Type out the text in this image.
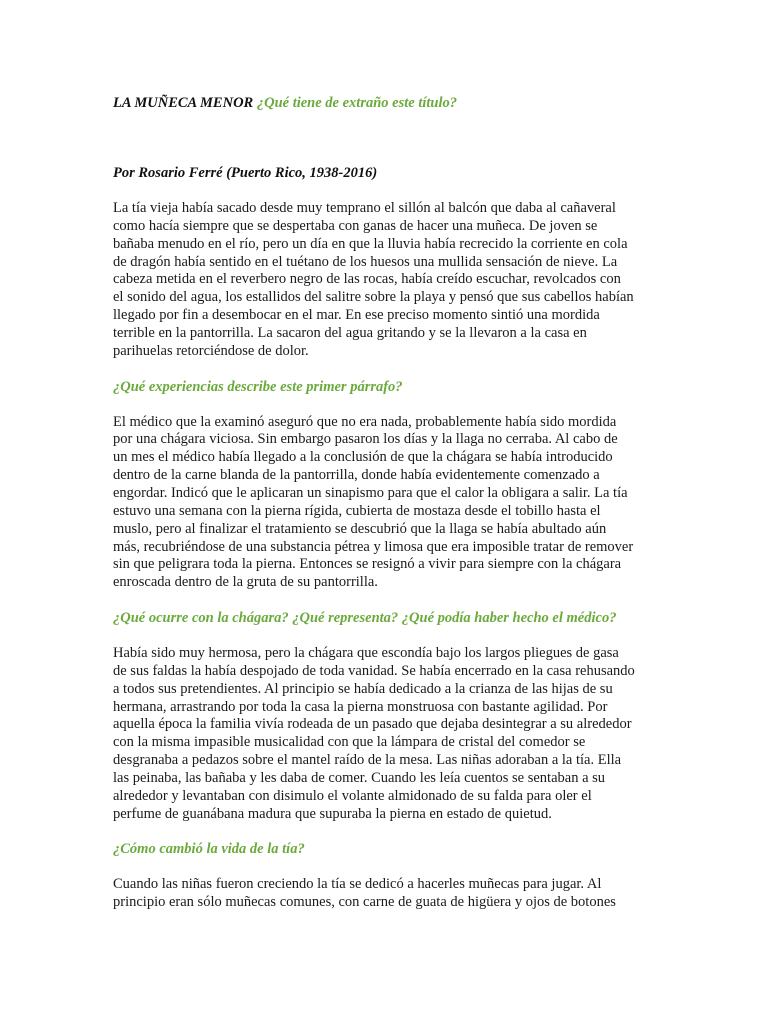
LA MUÑECA MENOR ¿Qué tiene de extraño este título?

Por Rosario Ferré (Puerto Rico, 1938-2016)

La tía vieja había sacado desde muy temprano el sillón al balcón que daba al cañaveral
como hacía siempre que se despertaba con ganas de hacer una muñeca. De joven se
bañaba menudo en el río, pero un día en que la lluvia había recrecido la corriente en cola
de dragón había sentido en el tuétano de los huesos una mullida sensación de nieve. La
cabeza metida en el reverbero negro de las rocas, había creído escuchar, revolcados con
el sonido del agua, los estallidos del salitre sobre la playa y pensó que sus cabellos habían
llegado por fin a desembocar en el mar. En ese preciso momento sintió una mordida
terrible en la pantorrilla. La sacaron del agua gritando y se la llevaron a la casa en
parihuelas retorciéndose de dolor.

¿Qué experiencias describe este primer párrafo?

El médico que la examinó aseguró que no era nada, probablemente había sido mordida
por una chágara viciosa. Sin embargo pasaron los días y la llaga no cerraba. Al cabo de
un mes el médico había llegado a la conclusión de que la chágara se había introducido
dentro de la carne blanda de la pantorrilla, donde había evidentemente comenzado a
engordar. Indicó que le aplicaran un sinapismo para que el calor la obligara a salir. La tía
estuvo una semana con la pierna rígida, cubierta de mostaza desde el tobillo hasta el
muslo, pero al finalizar el tratamiento se descubrió que la llaga se había abultado aún
más, recubriéndose de una substancia pétrea y limosa que era imposible tratar de remover
sin que peligrara toda la pierna. Entonces se resignó a vivir para siempre con la chágara
enroscada dentro de la gruta de su pantorrilla.

¿Qué ocurre con la chágara? ¿Qué representa? ¿Qué podía haber hecho el médico?

Había sido muy hermosa, pero la chágara que escondía bajo los largos pliegues de gasa
de sus faldas la había despojado de toda vanidad. Se había encerrado en la casa rehusando
a todos sus pretendientes. Al principio se había dedicado a la crianza de las hijas de su
hermana, arrastrando por toda la casa la pierna monstruosa con bastante agilidad. Por
aquella época la familia vivía rodeada de un pasado que dejaba desintegrar a su alrededor
con la misma impasible musicalidad con que la lámpara de cristal del comedor se
desgranaba a pedazos sobre el mantel raído de la mesa. Las niñas adoraban a la tía. Ella
las peinaba, las bañaba y les daba de comer. Cuando les leía cuentos se sentaban a su
alrededor y levantaban con disimulo el volante almidonado de su falda para oler el
perfume de guanábana madura que supuraba la pierna en estado de quietud.

¿Cómo cambió la vida de la tía?

Cuando las niñas fueron creciendo la tía se dedicó a hacerles muñecas para jugar. Al
principio eran sólo muñecas comunes, con carne de guata de higüera y ojos de botones
